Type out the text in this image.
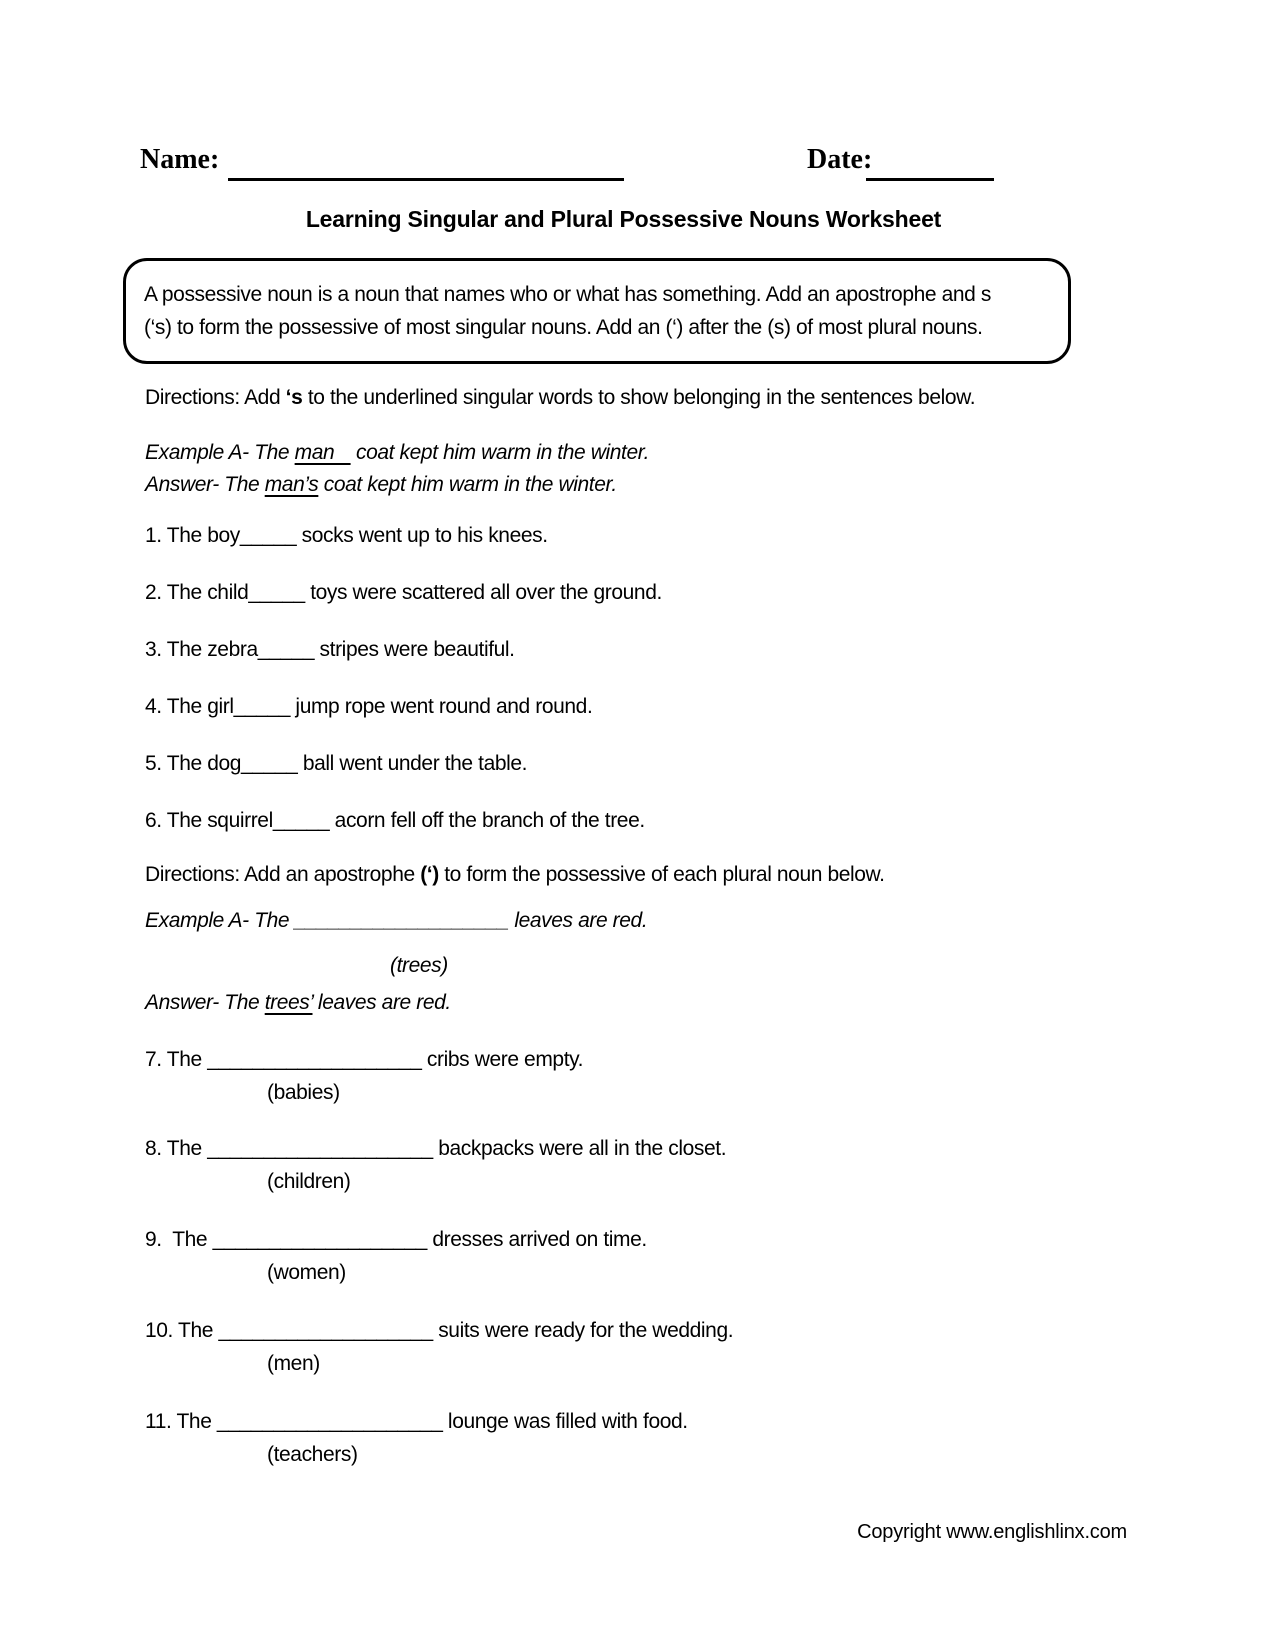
Name:	Date:
Learning Singular and Plural Possessive Nouns Worksheet
A possessive noun is a noun that names who or what has something. Add an apostrophe and s
(‘s) to form the possessive of most singular nouns. Add an (‘) after the (s) of most plural nouns.
Directions: Add ‘s to the underlined singular words to show belonging in the sentences below.
Example A- The man    coat kept him warm in the winter.
Answer- The man’s coat kept him warm in the winter.
1. The boy_____ socks went up to his knees.
2. The child_____ toys were scattered all over the ground.
3. The zebra_____ stripes were beautiful.
4. The girl_____ jump rope went round and round.
5. The dog_____ ball went under the table.
6. The squirrel_____ acorn fell off the branch of the tree.
Directions: Add an apostrophe (‘) to form the possessive of each plural noun below.
Example A- The ___________________ leaves are red.
(trees)
Answer- The trees’ leaves are red.
7. The ___________________ cribs were empty.
(babies)
8. The ____________________ backpacks were all in the closet.
(children)
9.  The ___________________ dresses arrived on time.
(women)
10. The ___________________ suits were ready for the wedding.
(men)
11. The ____________________ lounge was filled with food.
(teachers)
Copyright www.englishlinx.com
